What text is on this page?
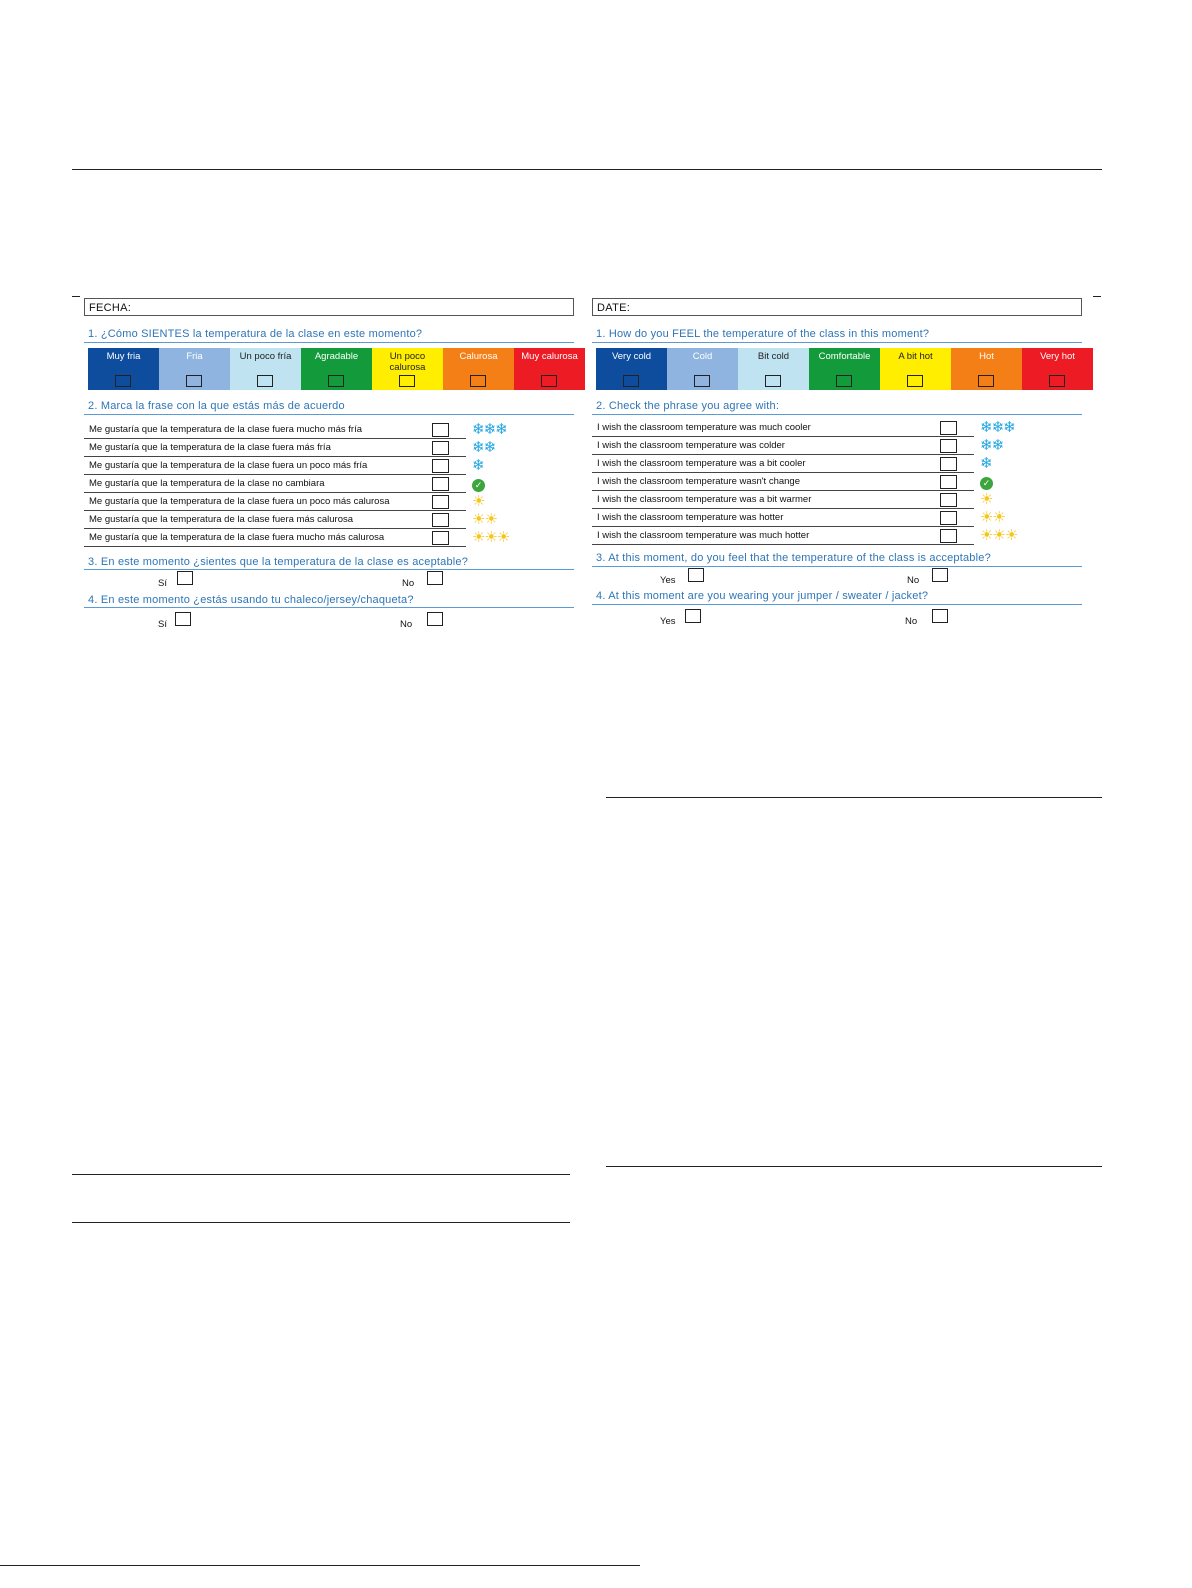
FECHA:
1. ¿Cómo SIENTES la temperatura de la clase en este momento?
Muy fria	Fria	Un poco fría	Agradable	Un poco calurosa
Calurosa	Muy calurosa
2. Marca la frase con la que estás más de acuerdo
Me gustaría que la temperatura de la clase fuera mucho más fría	❄❄❄
Me gustaría que la temperatura de la clase fuera más fría	❄❄
Me gustaría que la temperatura de la clase fuera un poco más fría	❄
Me gustaría que la temperatura de la clase no cambiara	✓
Me gustaría que la temperatura de la clase fuera un poco más calurosa	☀
Me gustaría que la temperatura de la clase fuera más calurosa	☀☀
Me gustaría que la temperatura de la clase fuera mucho más calurosa	☀☀☀
3. En este momento ¿sientes que la temperatura de la clase es aceptable?
Sí	No
4. En este momento ¿estás usando tu chaleco/jersey/chaqueta?
Sí	No
DATE:
1. How do you FEEL the temperature of the class in this moment?
Very cold	Cold	Bit cold	Comfortable	A bit hot	Hot	Very hot
2. Check the phrase you agree with:
I wish the classroom temperature was much cooler	❄❄❄
I wish the classroom temperature was colder	❄❄
I wish the classroom temperature was a bit cooler	❄
I wish the classroom temperature wasn't change	✓
I wish the classroom temperature was a bit warmer	☀
I wish the classroom temperature was hotter	☀☀
I wish the classroom temperature was much hotter	☀☀☀
3. At this moment, do you feel that the temperature of the class is acceptable?
Yes	No
4. At this moment are you wearing your jumper / sweater / jacket?
Yes	No
